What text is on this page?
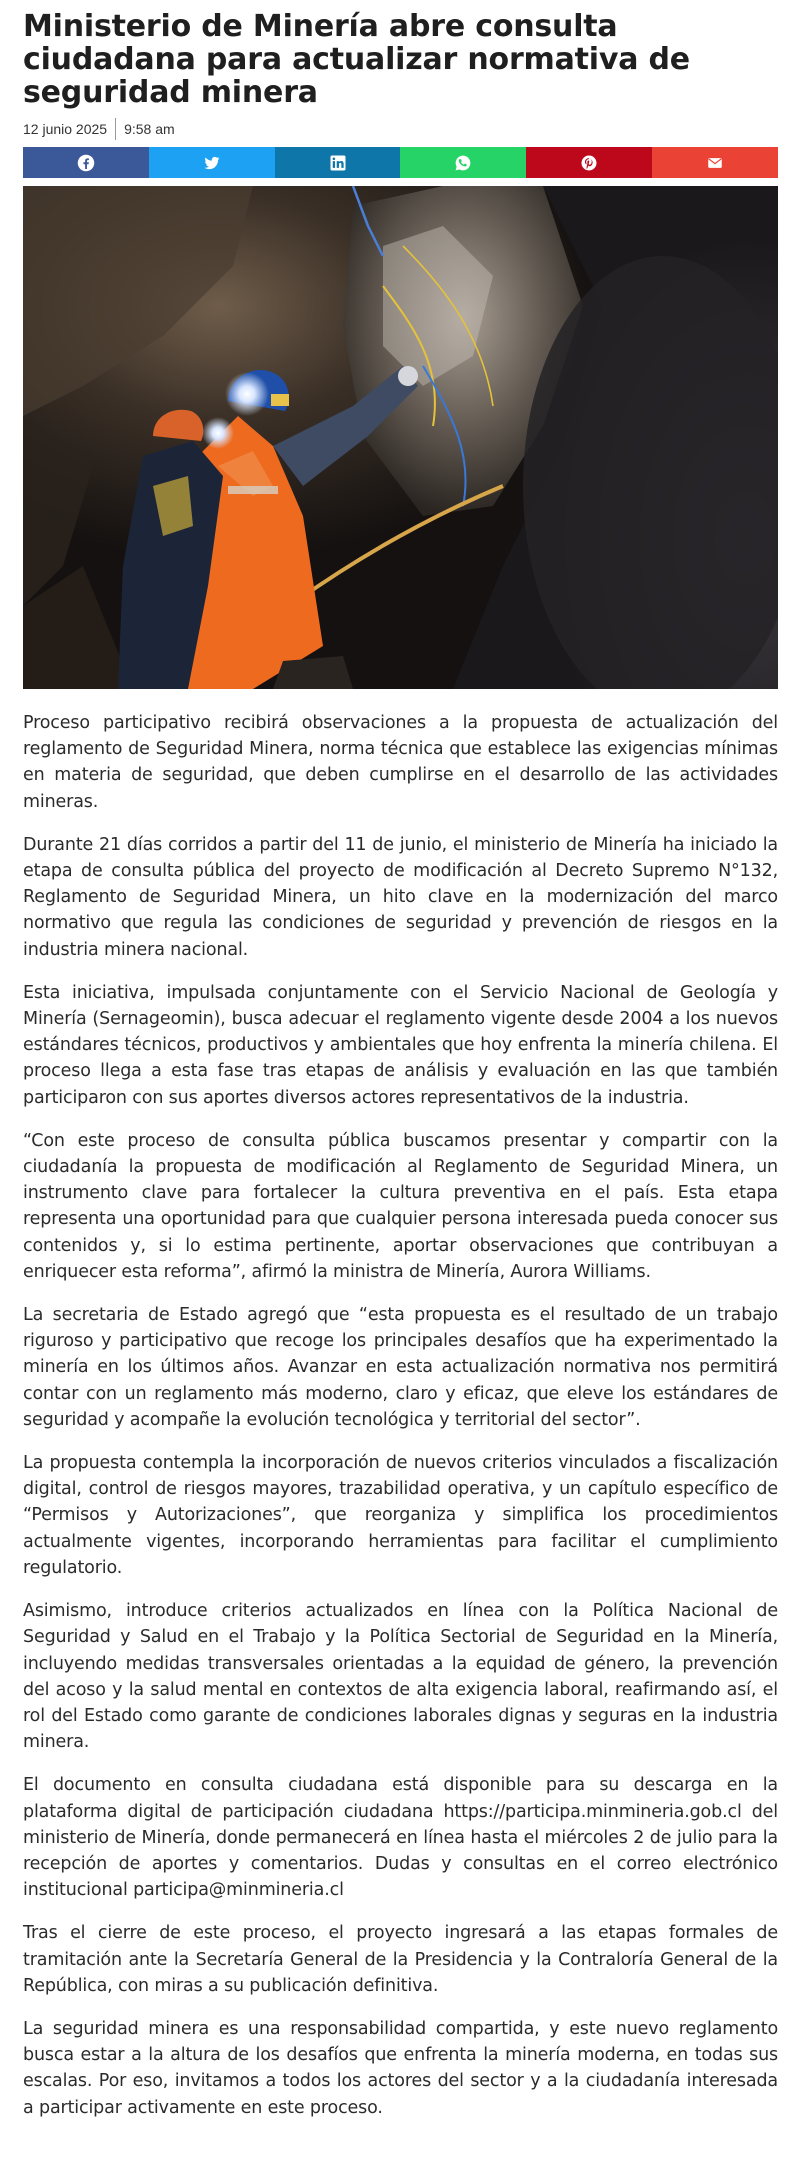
Ministerio de Minería abre consulta ciudadana para actualizar normativa de seguridad minera
12 junio 2025 9:58 am

Proceso participativo recibirá observaciones a la propuesta de actualización del reglamento de Seguridad Minera, norma técnica que establece las exigencias mínimas en materia de seguridad, que deben cumplirse en el desarrollo de las actividades mineras.

Durante 21 días corridos a partir del 11 de junio, el ministerio de Minería ha iniciado la etapa de consulta pública del proyecto de modificación al Decreto Supremo N°132, Reglamento de Seguridad Minera, un hito clave en la modernización del marco normativo que regula las condiciones de seguridad y prevención de riesgos en la industria minera nacional.

Esta iniciativa, impulsada conjuntamente con el Servicio Nacional de Geología y Minería (Sernageomin), busca adecuar el reglamento vigente desde 2004 a los nuevos estándares técnicos, productivos y ambientales que hoy enfrenta la minería chilena. El proceso llega a esta fase tras etapas de análisis y evaluación en las que también participaron con sus aportes diversos actores representativos de la industria.

“Con este proceso de consulta pública buscamos presentar y compartir con la ciudadanía la propuesta de modificación al Reglamento de Seguridad Minera, un instrumento clave para fortalecer la cultura preventiva en el país. Esta etapa representa una oportunidad para que cualquier persona interesada pueda conocer sus contenidos y, si lo estima pertinente, aportar observaciones que contribuyan a enriquecer esta reforma”, afirmó la ministra de Minería, Aurora Williams.

La secretaria de Estado agregó que “esta propuesta es el resultado de un trabajo riguroso y participativo que recoge los principales desafíos que ha experimentado la minería en los últimos años. Avanzar en esta actualización normativa nos permitirá contar con un reglamento más moderno, claro y eficaz, que eleve los estándares de seguridad y acompañe la evolución tecnológica y territorial del sector”.

La propuesta contempla la incorporación de nuevos criterios vinculados a fiscalización digital, control de riesgos mayores, trazabilidad operativa, y un capítulo específico de “Permisos y Autorizaciones”, que reorganiza y simplifica los procedimientos actualmente vigentes, incorporando herramientas para facilitar el cumplimiento regulatorio.

Asimismo, introduce criterios actualizados en línea con la Política Nacional de Seguridad y Salud en el Trabajo y la Política Sectorial de Seguridad en la Minería, incluyendo medidas transversales orientadas a la equidad de género, la prevención del acoso y la salud mental en contextos de alta exigencia laboral, reafirmando así, el rol del Estado como garante de condiciones laborales dignas y seguras en la industria minera.

El documento en consulta ciudadana está disponible para su descarga en la plataforma digital de participación ciudadana https://participa.minmineria.gob.cl del ministerio de Minería, donde permanecerá en línea hasta el miércoles 2 de julio para la recepción de aportes y comentarios. Dudas y consultas en el correo electrónico institucional participa@minmineria.cl

Tras el cierre de este proceso, el proyecto ingresará a las etapas formales de tramitación ante la Secretaría General de la Presidencia y la Contraloría General de la República, con miras a su publicación definitiva.

La seguridad minera es una responsabilidad compartida, y este nuevo reglamento busca estar a la altura de los desafíos que enfrenta la minería moderna, en todas sus escalas. Por eso, invitamos a todos los actores del sector y a la ciudadanía interesada a participar activamente en este proceso.
